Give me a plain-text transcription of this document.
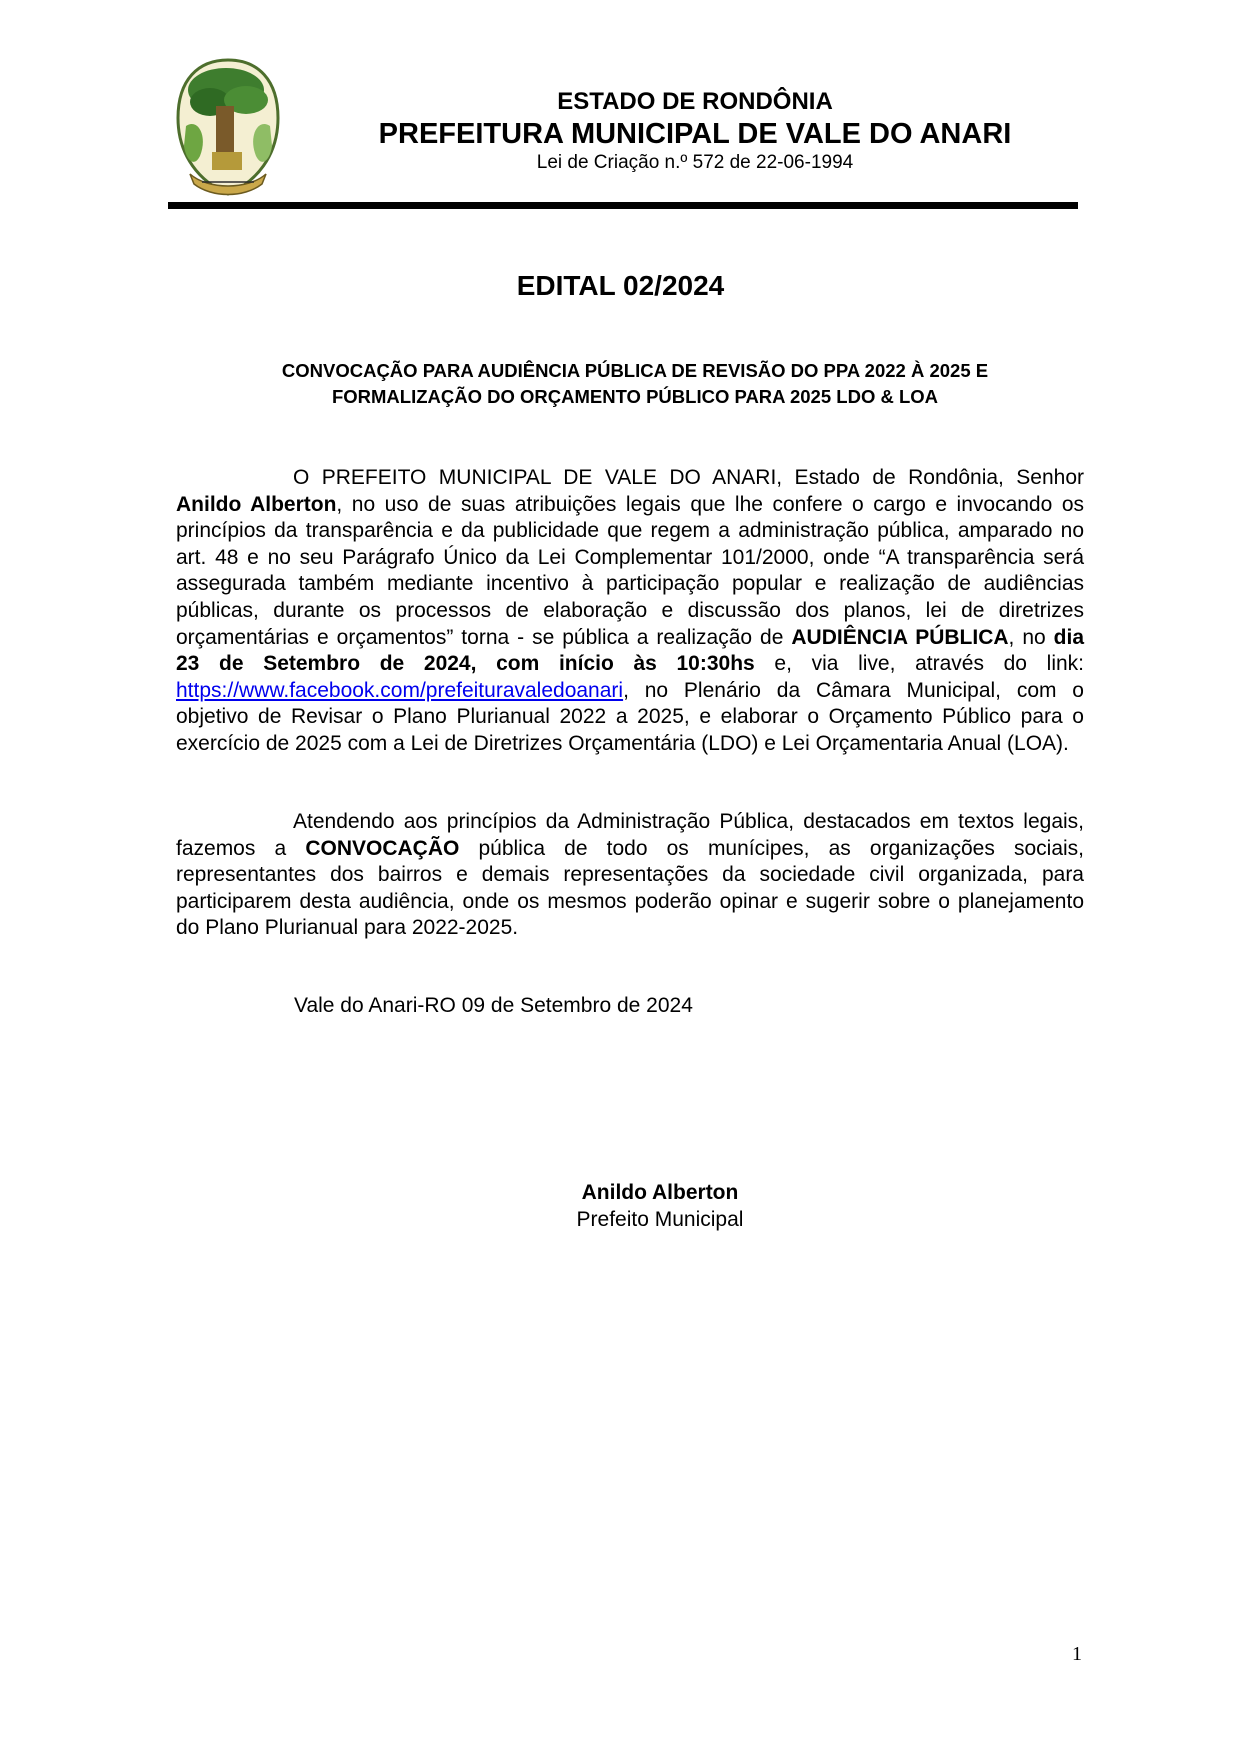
ESTADO DE RONDÔNIA
PREFEITURA MUNICIPAL DE VALE DO ANARI
Lei de Criação n.º 572 de 22-06-1994
EDITAL 02/2024
CONVOCAÇÃO PARA AUDIÊNCIA PÚBLICA DE REVISÃO DO PPA 2022 À 2025 E
FORMALIZAÇÃO DO ORÇAMENTO PÚBLICO PARA 2025 LDO & LOA

O PREFEITO MUNICIPAL DE VALE DO ANARI, Estado de Rondônia, Senhor Anildo Alberton, no uso de suas atribuições legais que lhe confere o cargo e invocando os princípios da transparência e da publicidade que regem a administração pública, amparado no art. 48 e no seu Parágrafo Único da Lei Complementar 101/2000, onde “A transparência será assegurada também mediante incentivo à participação popular e realização de audiências públicas, durante os processos de elaboração e discussão dos planos, lei de diretrizes orçamentárias e orçamentos” torna - se pública a realização de AUDIÊNCIA PÚBLICA, no dia 23 de Setembro de 2024, com início às 10:30hs e, via live, através do link: https://www.facebook.com/prefeituravaledoanari, no Plenário da Câmara Municipal, com o objetivo de Revisar o Plano Plurianual 2022 a 2025, e elaborar o Orçamento Público para o exercício de 2025 com a Lei de Diretrizes Orçamentária (LDO) e Lei Orçamentaria Anual (LOA).

Atendendo aos princípios da Administração Pública, destacados em textos legais, fazemos a CONVOCAÇÃO pública de todo os munícipes, as organizações sociais, representantes dos bairros e demais representações da sociedade civil organizada, para participarem desta audiência, onde os mesmos poderão opinar e sugerir sobre o planejamento do Plano Plurianual para 2022-2025.

Vale do Anari-RO 09 de Setembro de 2024
Anildo Alberton
Prefeito Municipal
1
